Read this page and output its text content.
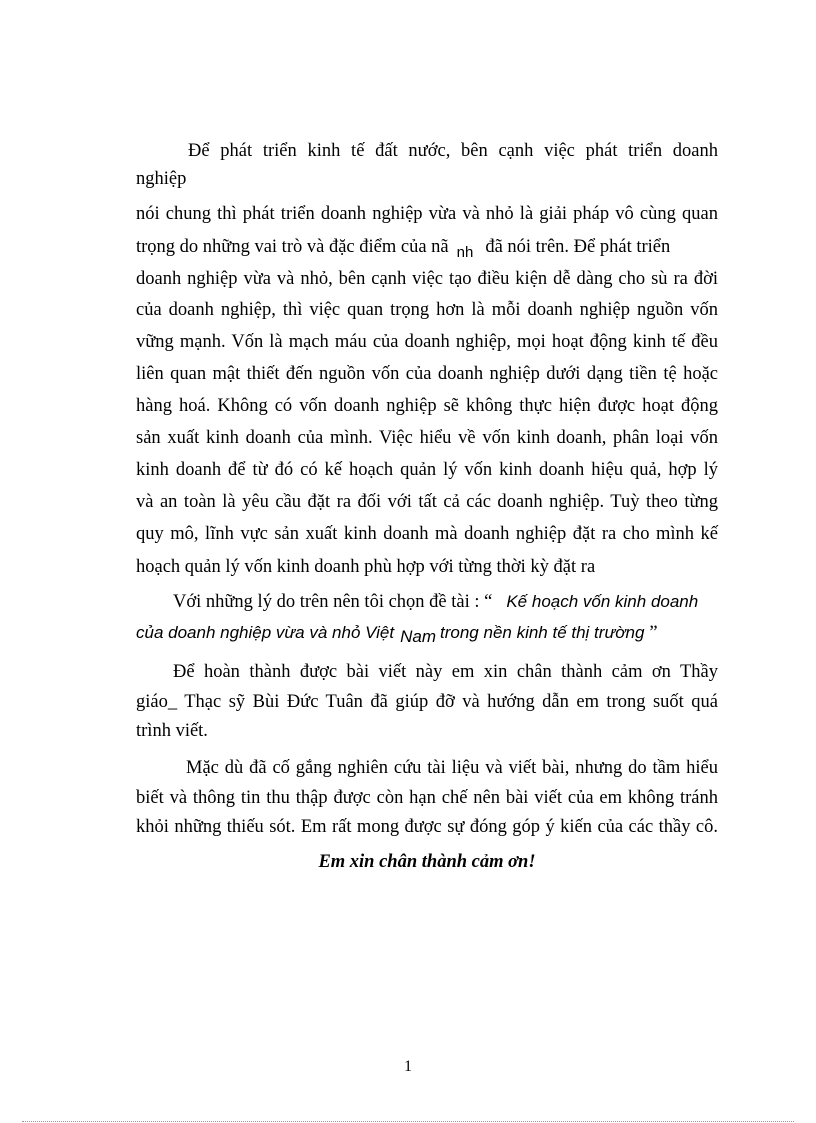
Để phát triển kinh tế đất nước, bên cạnh việc phát triển doanh
nghiệp
nói chung thì phát triển doanh nghiệp vừa và nhỏ là giải pháp vô cùng quan
trọng do những vai trò và đặc điểm của nã $_{nh}$ đã nói trên. Để phát triển
doanh nghiệp vừa và nhỏ, bên cạnh việc tạo điều kiện dễ dàng cho sù ra đời
của doanh nghiệp, thì việc quan trọng hơn là mỗi doanh nghiệp nguồn vốn
vững mạnh. Vốn là mạch máu của doanh nghiệp, mọi hoạt động kinh tế đều
liên quan mật thiết đến nguồn vốn của doanh nghiệp dưới dạng tiền tệ hoặc
hàng hoá. Không có vốn doanh nghiệp sẽ không thực hiện được hoạt động
sản xuất kinh doanh của mình. Việc hiểu về vốn kinh doanh, phân loại vốn
kinh doanh để từ đó có kế hoạch quản lý vốn kinh doanh hiệu quả, hợp lý
và an toàn là yêu cầu đặt ra đối với tất cả các doanh nghiệp. Tuỳ theo từng
quy mô, lĩnh vực sản xuất kinh doanh mà doanh nghiệp đặt ra cho mình kế
hoạch quản lý vốn kinh doanh phù hợp với từng thời kỳ đặt ra
Với những lý do trên nên tôi chọn đề tài : “ Kế hoạch vốn kinh doanh
của doanh nghiệp vừa và nhỏ Việt Nam trong nền kinh tế thị trường ”
Để hoàn thành được bài viết này em xin chân thành cảm ơn Thầy
giáo_ Thạc sỹ Bùi Đức Tuân đã giúp đỡ và hướng dẫn em trong suốt quá
trình viết.
Mặc dù đã cố gắng nghiên cứu tài liệu và viết bài, nhưng do tầm hiểu
biết và thông tin thu thập được còn hạn chế nên bài viết của em không tránh
khỏi những thiếu sót. Em rất mong được sự đóng góp ý kiến của các thầy cô.
Em xin chân thành cảm ơn!
1
